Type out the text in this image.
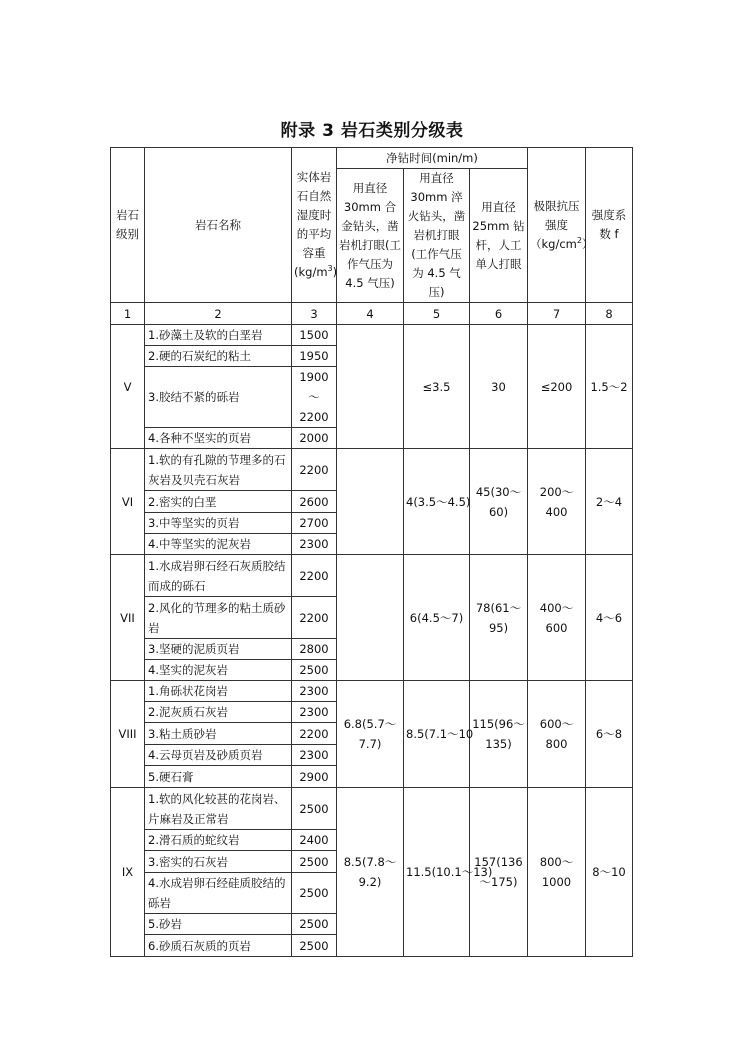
附录 3 岩石类别分级表
岩石级别	岩石名称	实体岩石自然湿度时的平均容重$(kg/m^3)$	净钻时间(min/m)			极限抗压强度$(kg/cm^2)$	强度系数 f
			用直径30mm 合金钻头，凿岩机打眼(工作气压为 4.5 气压)	用直径30mm 淬火钻头，凿岩机打眼(工作气压为 4.5 气压)	用直径25mm 钻杆，人工单人打眼		
1	2	3	4	5	6	7	8
V	1.砂藻土及软的白垩岩	1500		≤3.5	30	≤200	1.5～2
	2.硬的石炭纪的粘土	1950					
	3.胶结不紧的砾岩	1900～2200					
	4.各种不坚实的页岩	2000					
VI	1.软的有孔隙的节理多的石灰岩及贝壳石灰岩	2200		4(3.5～4.5)	45(30～60)	200～400	2～4
	2.密实的白垩	2600					
	3.中等坚实的页岩	2700					
	4.中等坚实的泥灰岩	2300					
VII	1.水成岩卵石经石灰质胶结而成的砾石	2200		6(4.5～7)	78(61～95)	400～600	4～6
	2.风化的节理多的粘土质砂岩	2200					
	3.坚硬的泥质页岩	2800					
	4.坚实的泥灰岩	2500					
VIII	1.角砾状花岗岩	2300	6.8(5.7～7.7)	8.5(7.1～10	115(96～135)	600～800	6～8
	2.泥灰质石灰岩	2300					
	3.粘土质砂岩	2200					
	4.云母页岩及砂质页岩	2300					
	5.硬石膏	2900					
IX	1.软的风化较甚的花岗岩、片麻岩及正常岩	2500	8.5(7.8～9.2)	11.5(10.1～13)	157(136～175)	800～1000	8～10
	2.滑石质的蛇纹岩	2400					
	3.密实的石灰岩	2500					
	4.水成岩卵石经硅质胶结的砾岩	2500					
	5.砂岩	2500					
	6.砂质石灰质的页岩	2500					
